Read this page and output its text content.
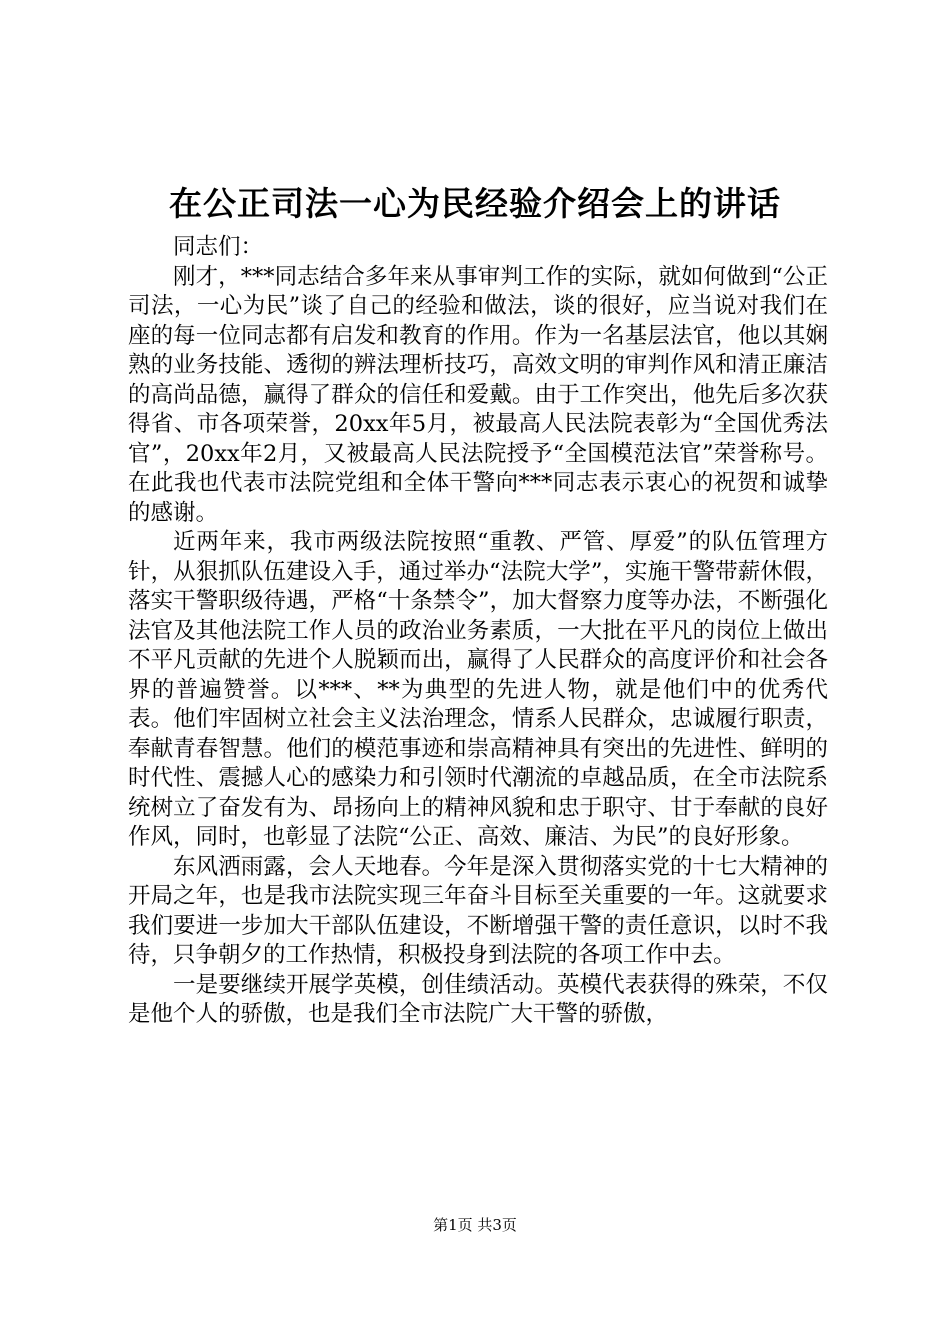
在公正司法一心为民经验介绍会上的讲话

同志们：

刚才，***同志结合多年来从事审判工作的实际，就如何做到“公正司法，一心为民”谈了自己的经验和做法，谈的很好，应当说对我们在座的每一位同志都有启发和教育的作用。作为一名基层法官，他以其娴熟的业务技能、透彻的辨法理析技巧，高效文明的审判作风和清正廉洁的高尚品德，赢得了群众的信任和爱戴。由于工作突出，他先后多次获得省、市各项荣誉，20xx年5月，被最高人民法院表彰为“全国优秀法官”，20xx年2月，又被最高人民法院授予“全国模范法官”荣誉称号。在此我也代表市法院党组和全体干警向***同志表示衷心的祝贺和诚挚的感谢。

近两年来，我市两级法院按照“重教、严管、厚爱”的队伍管理方针，从狠抓队伍建设入手，通过举办“法院大学”，实施干警带薪休假，落实干警职级待遇，严格“十条禁令”，加大督察力度等办法，不断强化法官及其他法院工作人员的政治业务素质，一大批在平凡的岗位上做出不平凡贡献的先进个人脱颖而出，赢得了人民群众的高度评价和社会各界的普遍赞誉。以***、**为典型的先进人物，就是他们中的优秀代表。他们牢固树立社会主义法治理念，情系人民群众，忠诚履行职责，奉献青春智慧。他们的模范事迹和崇高精神具有突出的先进性、鲜明的时代性、震撼人心的感染力和引领时代潮流的卓越品质，在全市法院系统树立了奋发有为、昂扬向上的精神风貌和忠于职守、甘于奉献的良好作风，同时，也彰显了法院“公正、高效、廉洁、为民”的良好形象。

东风洒雨露，会人天地春。今年是深入贯彻落实党的十七大精神的开局之年，也是我市法院实现三年奋斗目标至关重要的一年。这就要求我们要进一步加大干部队伍建设，不断增强干警的责任意识，以时不我待，只争朝夕的工作热情，积极投身到法院的各项工作中去。

一是要继续开展学英模，创佳绩活动。英模代表获得的殊荣，不仅是他个人的骄傲，也是我们全市法院广大干警的骄傲，

第1页 共3页
